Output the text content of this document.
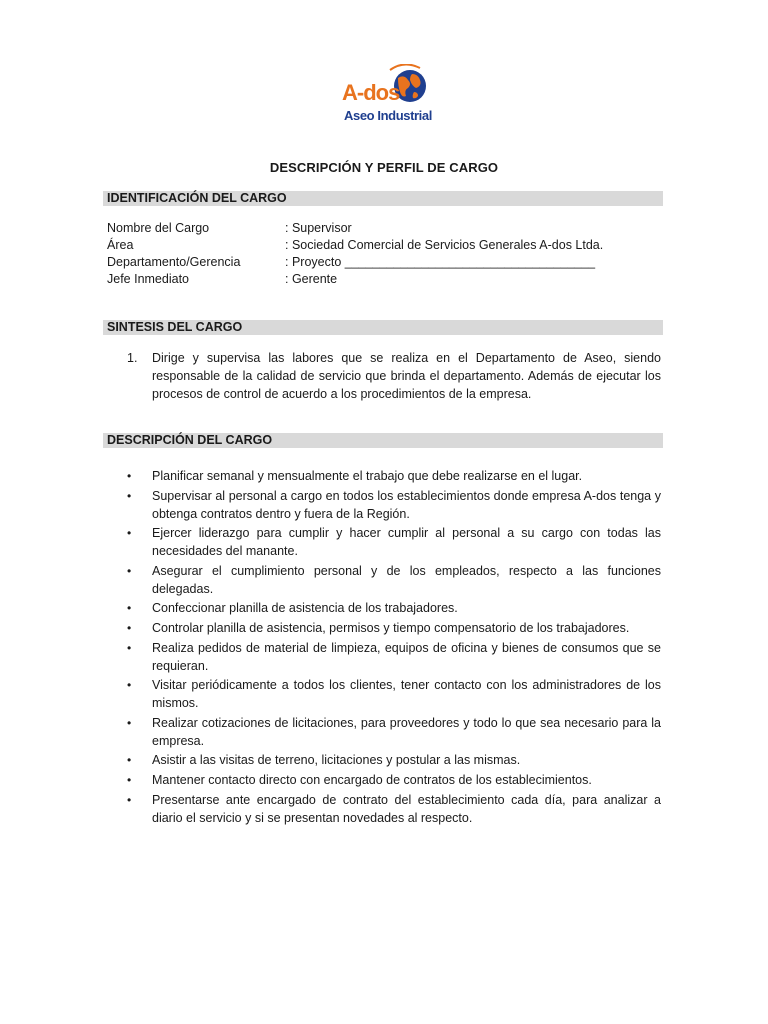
A-dos
Aseo Industrial
DESCRIPCIÓN Y PERFIL DE CARGO
IDENTIFICACIÓN DEL CARGO
Nombre del Cargo	: Supervisor
Área	: Sociedad Comercial de Servicios Generales A-dos Ltda.
Departamento/Gerencia	: Proyecto ____________________________________
Jefe Inmediato	: Gerente
SINTESIS DEL CARGO
1.	Dirige y supervisa las labores que se realiza en el Departamento de Aseo, siendo responsable de la calidad de servicio que brinda el departamento. Además de ejecutar los procesos de control de acuerdo a los procedimientos de la empresa.
DESCRIPCIÓN DEL CARGO
•	Planificar semanal y mensualmente el trabajo que debe realizarse en el lugar.
•	Supervisar al personal a cargo en todos los establecimientos donde empresa A-dos tenga y obtenga contratos dentro y fuera de la Región.
•	Ejercer liderazgo para cumplir y hacer cumplir al personal a su cargo con todas las necesidades del manante.
•	Asegurar el cumplimiento personal y de los empleados, respecto a las funciones delegadas.
•	Confeccionar planilla de asistencia de los trabajadores.
•	Controlar planilla de asistencia, permisos y tiempo compensatorio de los trabajadores.
•	Realiza pedidos de material de limpieza, equipos de oficina y bienes de consumos que se requieran.
•	Visitar periódicamente a todos los clientes, tener contacto con los administradores de los mismos.
•	Realizar cotizaciones de licitaciones, para proveedores y todo lo que sea necesario para la empresa.
•	Asistir a las visitas de terreno, licitaciones y postular a las mismas.
•	Mantener contacto directo con encargado de contratos de los establecimientos.
•	Presentarse ante encargado de contrato del establecimiento cada día, para analizar a diario el servicio y si se presentan novedades al respecto.
